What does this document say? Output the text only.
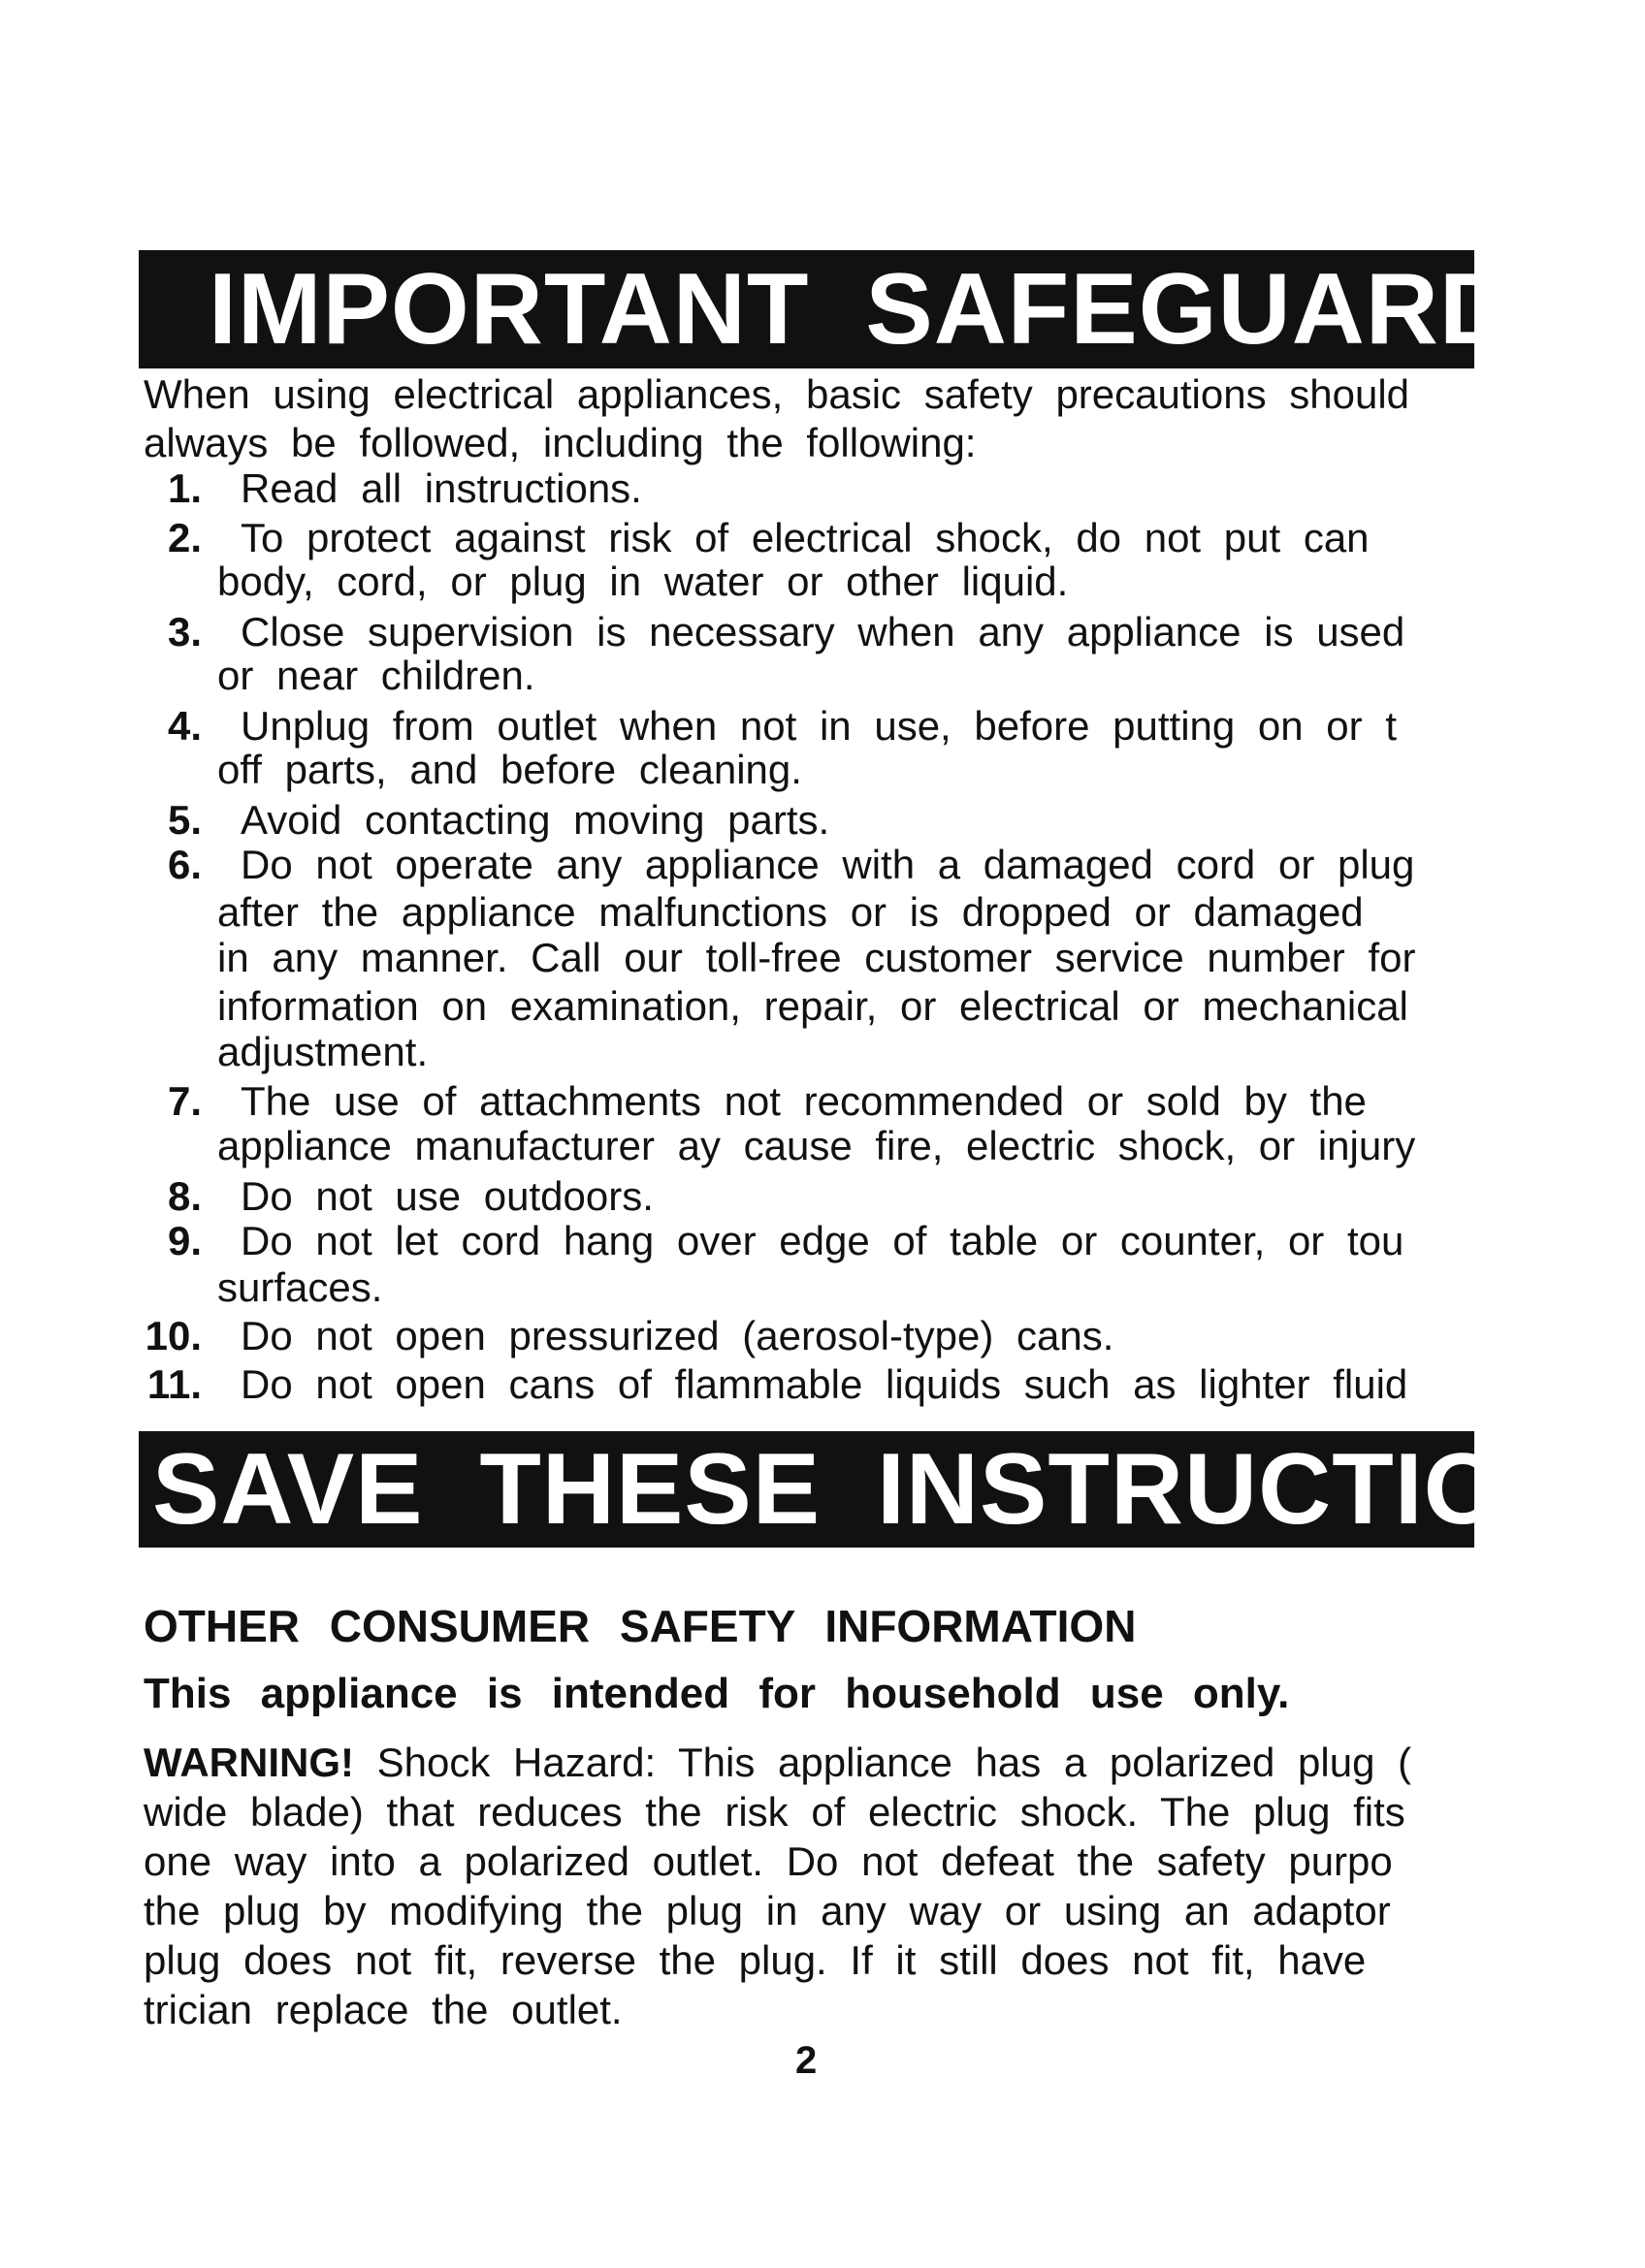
IMPORTANT SAFEGUARDS
When using electrical appliances, basic safety precautions should
always be followed, including the following:
1. Read all instructions.
2. To protect against risk of electrical shock, do not put can
body, cord, or plug in water or other liquid.
3. Close supervision is necessary when any appliance is used
or near children.
4. Unplug from outlet when not in use, before putting on or t
off parts, and before cleaning.
5. Avoid contacting moving parts.
6. Do not operate any appliance with a damaged cord or plug
after the appliance malfunctions or is dropped or damaged
in any manner. Call our toll-free customer service number for
information on examination, repair, or electrical or mechanical
adjustment.
7. The use of attachments not recommended or sold by the
appliance manufacturer ay cause fire, electric shock, or injury
8. Do not use outdoors.
9. Do not let cord hang over edge of table or counter, or tou
surfaces.
10. Do not open pressurized (aerosol-type) cans.
11. Do not open cans of flammable liquids such as lighter fluid
SAVE THESE INSTRUCTIONS
OTHER CONSUMER SAFETY INFORMATION
This appliance is intended for household use only.
WARNING! Shock Hazard: This appliance has a polarized plug (
wide blade) that reduces the risk of electric shock. The plug fits
one way into a polarized outlet. Do not defeat the safety purpo
the plug by modifying the plug in any way or using an adaptor
plug does not fit, reverse the plug. If it still does not fit, have
trician replace the outlet.
2
